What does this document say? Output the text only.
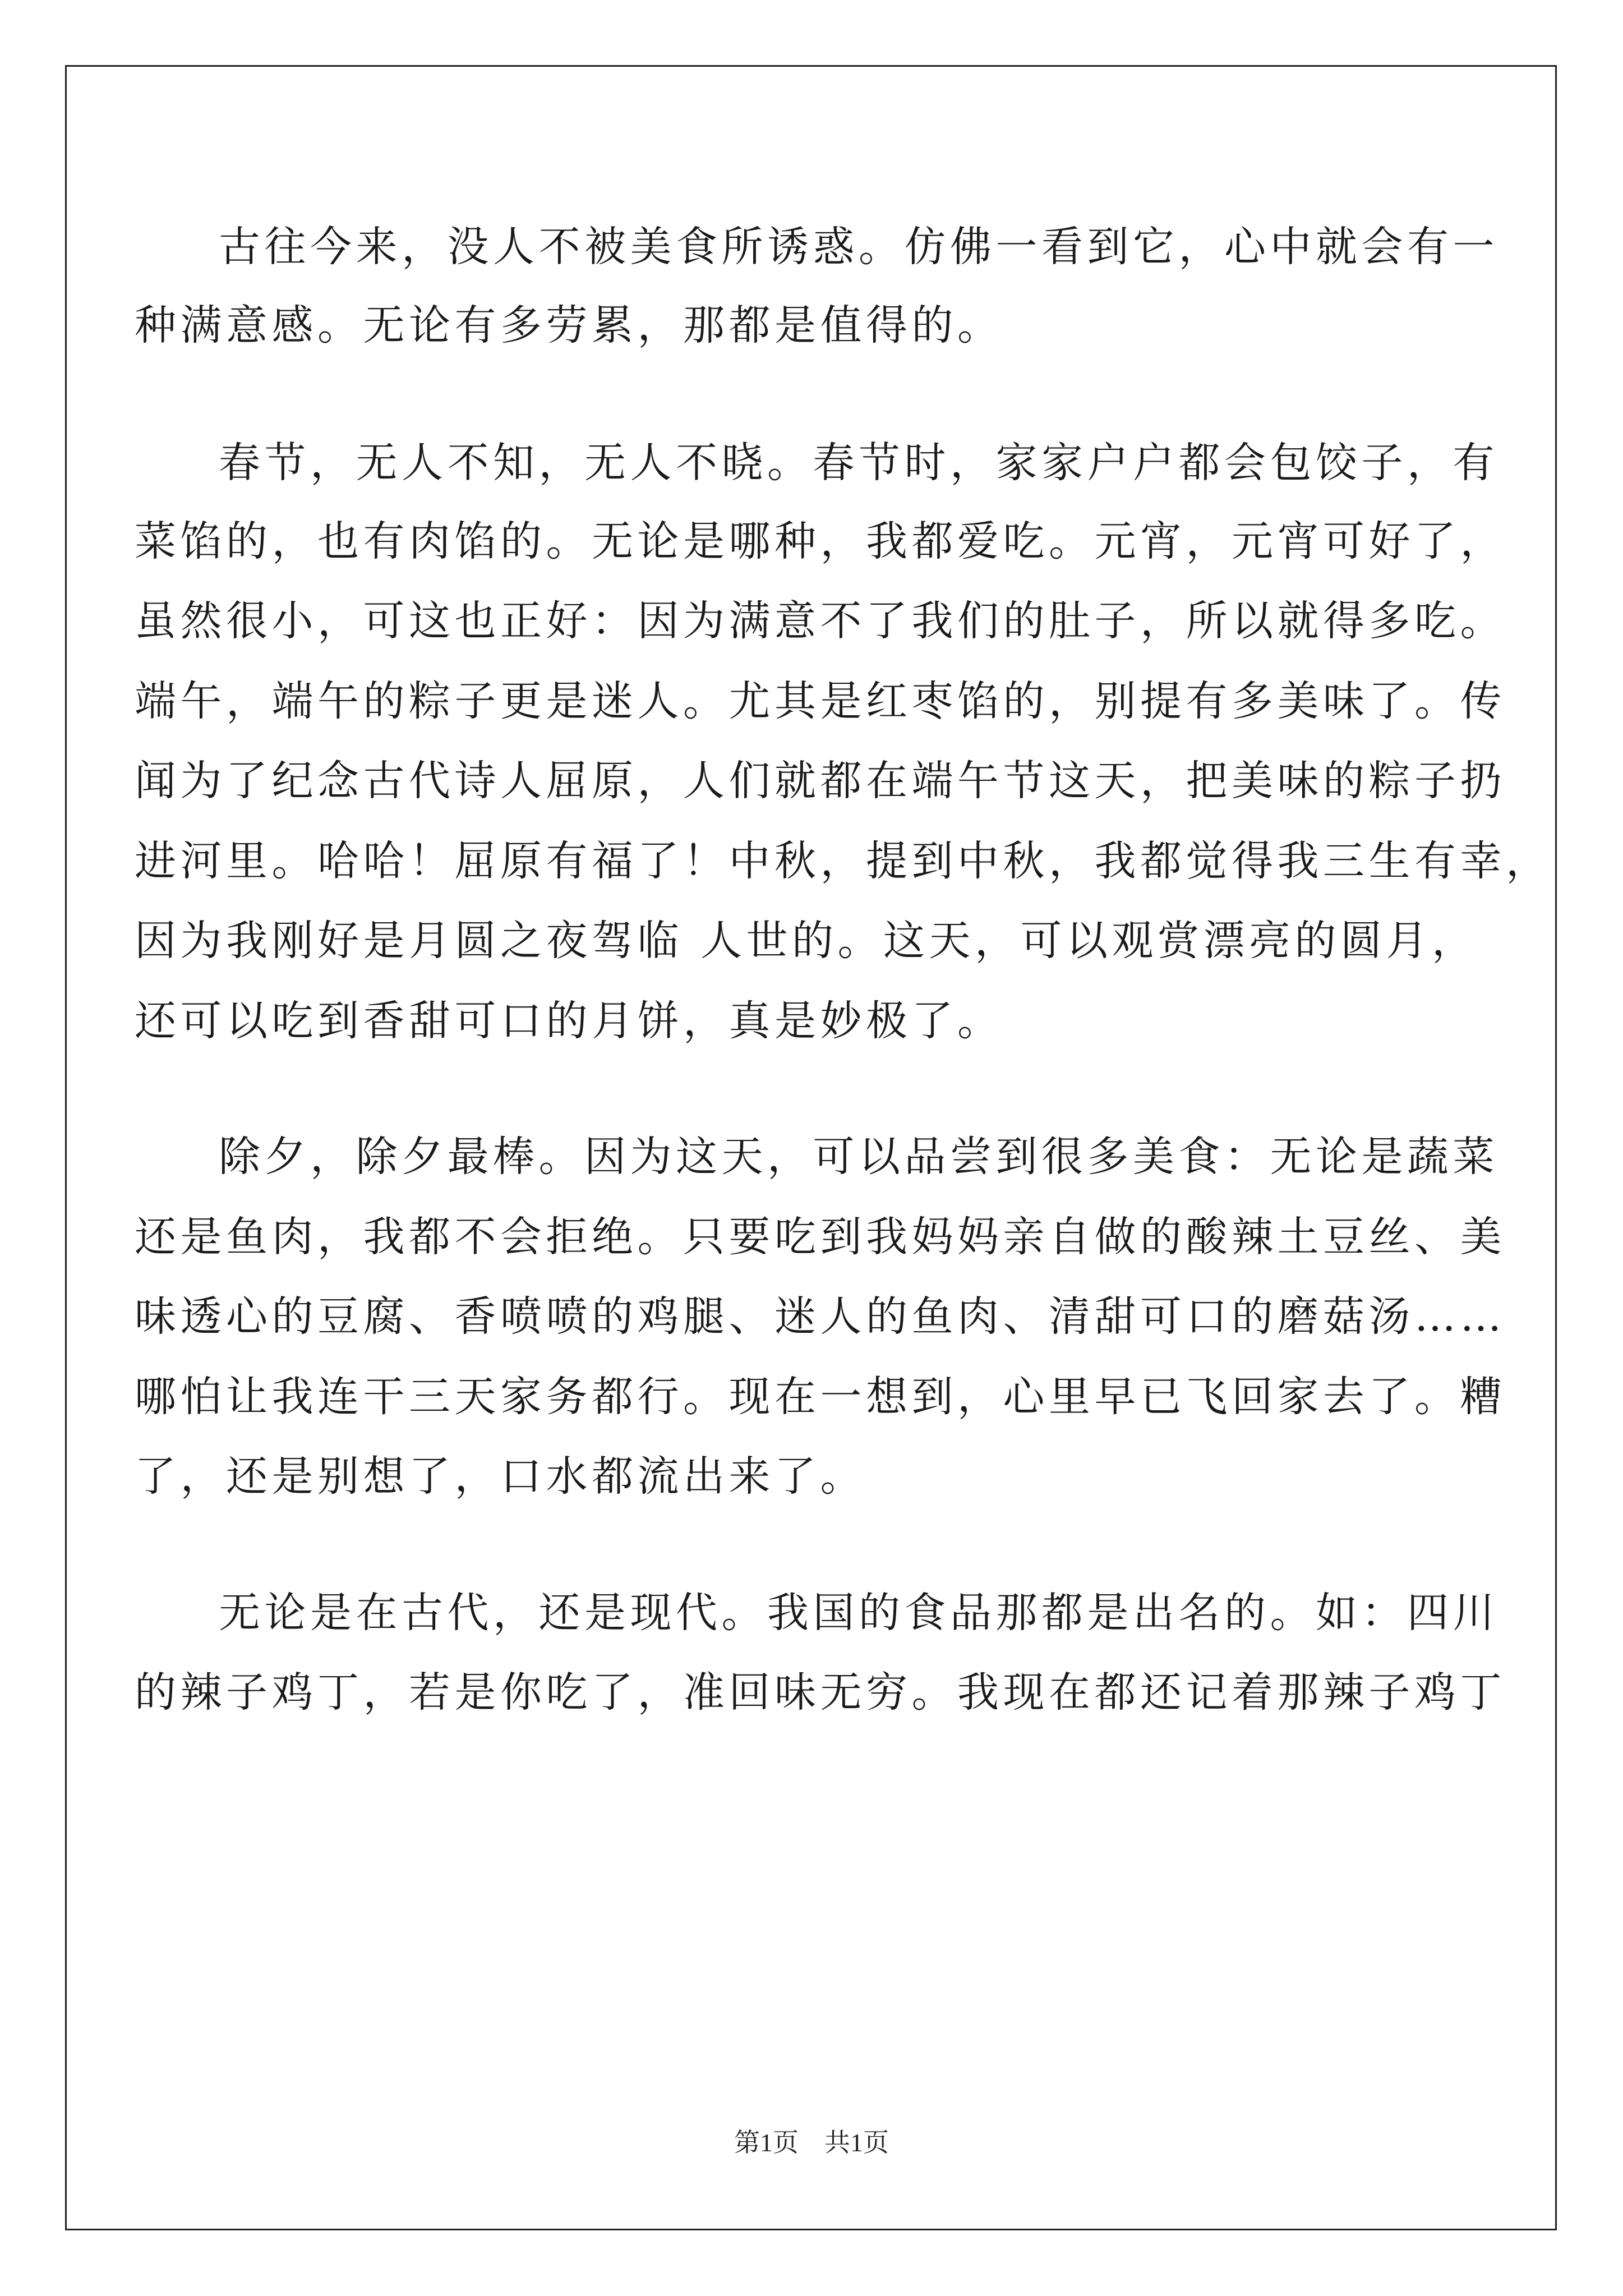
古往今来，没人不被美食所诱惑。仿佛一看到它，心中就会有一
种满意感。无论有多劳累，那都是值得的。
春节，无人不知，无人不晓。春节时，家家户户都会包饺子，有
菜馅的，也有肉馅的。无论是哪种，我都爱吃。元宵，元宵可好了，
虽然很小，可这也正好：因为满意不了我们的肚子，所以就得多吃。
端午，端午的粽子更是迷人。尤其是红枣馅的，别提有多美味了。传
闻为了纪念古代诗人屈原，人们就都在端午节这天，把美味的粽子扔
进河里。哈哈！屈原有福了！中秋，提到中秋，我都觉得我三生有幸，
因为我刚好是月圆之夜驾临 人世的。这天，可以观赏漂亮的圆月，
还可以吃到香甜可口的月饼，真是妙极了。
除夕，除夕最棒。因为这天，可以品尝到很多美食：无论是蔬菜
还是鱼肉，我都不会拒绝。只要吃到我妈妈亲自做的酸辣土豆丝、美
味透心的豆腐、香喷喷的鸡腿、迷人的鱼肉、清甜可口的磨菇汤……
哪怕让我连干三天家务都行。现在一想到，心里早已飞回家去了。糟
了，还是别想了，口水都流出来了。
无论是在古代，还是现代。我国的食品那都是出名的。如：四川
的辣子鸡丁，若是你吃了，准回味无穷。我现在都还记着那辣子鸡丁
第1页　共1页
